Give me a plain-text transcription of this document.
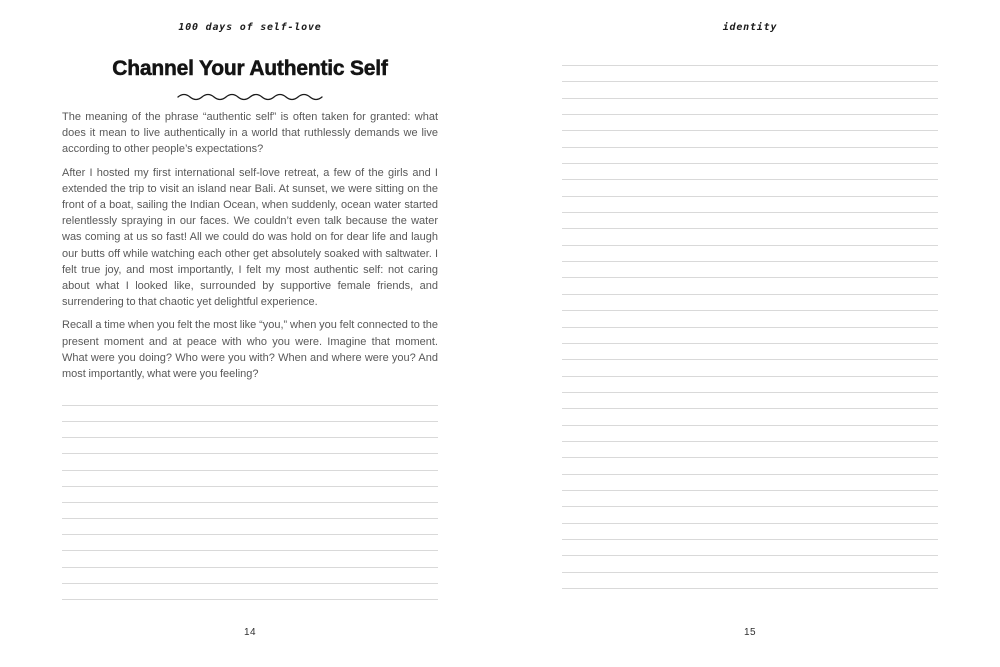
100 days of self-love
Channel Your Authentic Self

The meaning of the phrase “authentic self” is often taken for granted: what does it mean to live authentically in a world that ruthlessly demands we live according to other people’s expectations?

After I hosted my first international self-love retreat, a few of the girls and I extended the trip to visit an island near Bali. At sunset, we were sitting on the front of a boat, sailing the Indian Ocean, when suddenly, ocean water started relentlessly spraying in our faces. We couldn’t even talk because the water was coming at us so fast! All we could do was hold on for dear life and laugh our butts off while watching each other get absolutely soaked with saltwater. I felt true joy, and most importantly, I felt my most authentic self: not caring about what I looked like, surrounded by supportive female friends, and surrendering to that chaotic yet delightful experience.

Recall a time when you felt the most like “you,” when you felt connected to the present moment and at peace with who you were. Imagine that moment. What were you doing? Who were you with? When and where were you? And most importantly, what were you feeling?

14
identity
15
